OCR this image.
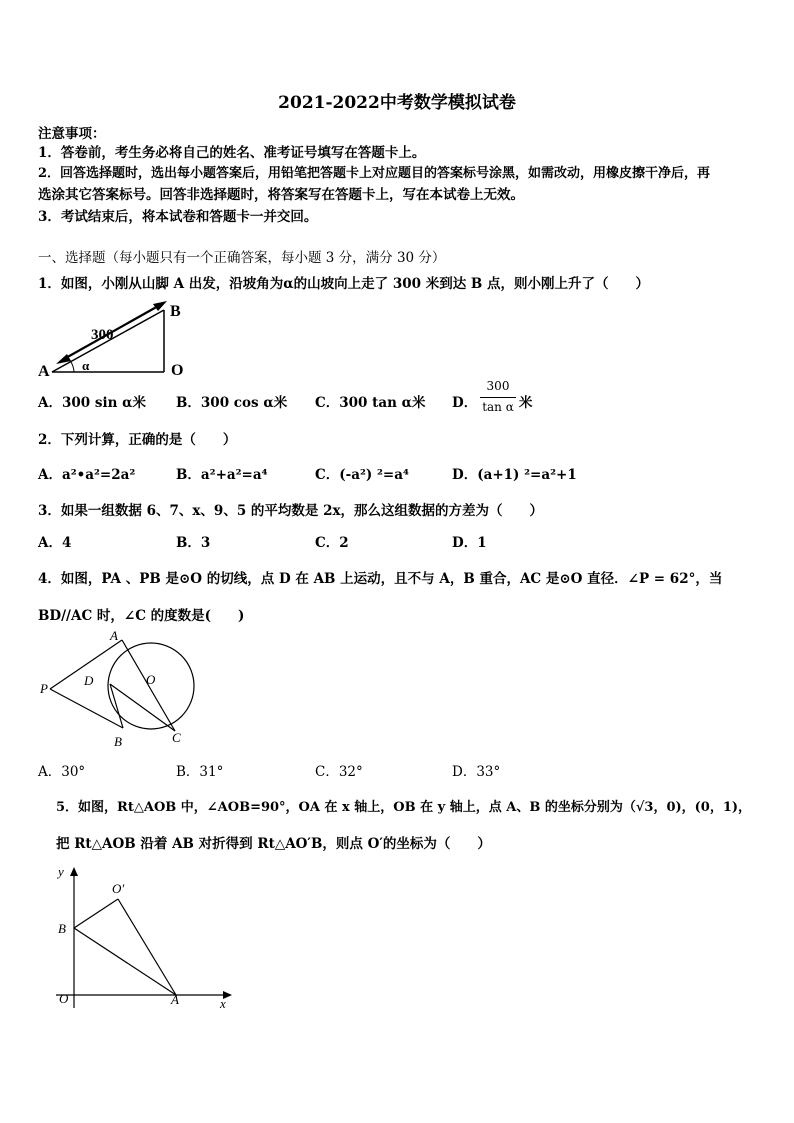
2021-2022中考数学模拟试卷
注意事项：
1．答卷前，考生务必将自己的姓名、准考证号填写在答题卡上。
2．回答选择题时，选出每小题答案后，用铅笔把答题卡上对应题目的答案标号涂黑，如需改动，用橡皮擦干净后，再
选涂其它答案标号。回答非选择题时，将答案写在答题卡上，写在本试卷上无效。
3．考试结束后，将本试卷和答题卡一并交回。
一、选择题（每小题只有一个正确答案，每小题 3 分，满分 30 分）
1．如图，小刚从山脚 A 出发，沿坡角为α的山坡向上走了 300 米到达 B 点，则小刚上升了（　　）
A
B
O
α
300
A．300 sin α米 B．300 cos α米 C．300 tan α米 D．
300
tan α 米
2．下列计算，正确的是（　　）
A．a²•a²=2a²	B．a²+a²=a⁴	C．(-a²) ²=a⁴	D．(a+1) ²=a²+1
3．如果一组数据 6、7、x、9、5 的平均数是 2x，那么这组数据的方差为（　　）
A．4	B．3	C．2	D．1
4．如图，PA 、PB 是⊙O 的切线，点 D 在 AB 上运动，且不与 A，B 重合，AC 是⊙O 直径．∠P = 62°，当
BD//AC 时，∠C 的度数是(　　)
A
P
D	O
B	C
A．30°	B．31°	C．32°	D．33°
5．如图，Rt△AOB 中，∠AOB=90°，OA 在 x 轴上，OB 在 y 轴上，点 A、B 的坐标分别为（√3，0)，(0，1)，
把 Rt△AOB 沿着 AB 对折得到 Rt△AO′B，则点 O′的坐标为（　　）
y
x
O	A
B
O′
